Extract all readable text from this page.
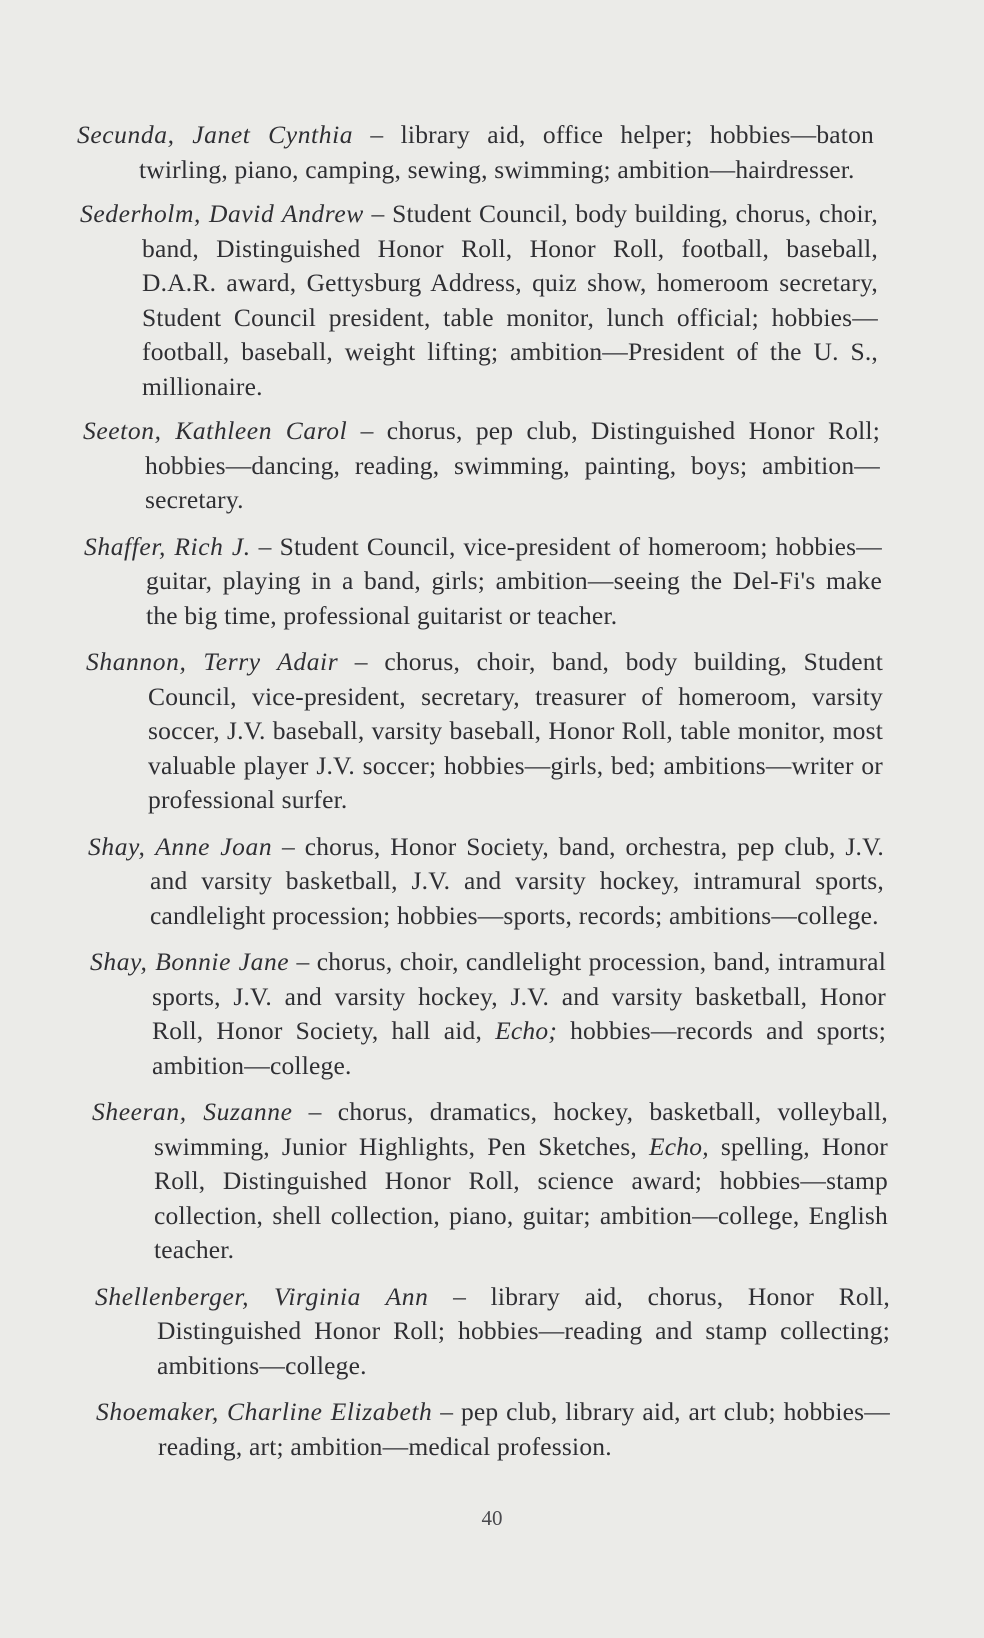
Secunda, Janet Cynthia – library aid, office helper; hobbies—baton twirling, piano, camping, sewing, swimming; ambition—hairdresser.

Sederholm, David Andrew – Student Council, body building, chorus, choir, band, Distinguished Honor Roll, Honor Roll, football, baseball, D.A.R. award, Gettysburg Address, quiz show, homeroom secretary, Student Council president, table monitor, lunch official; hobbies—football, baseball, weight lifting; ambition—President of the U. S., millionaire.

Seeton, Kathleen Carol – chorus, pep club, Distinguished Honor Roll; hobbies—dancing, reading, swimming, painting, boys; ambition—secretary.

Shaffer, Rich J. – Student Council, vice-president of homeroom; hobbies—guitar, playing in a band, girls; ambition—seeing the Del-Fi's make the big time, professional guitarist or teacher.

Shannon, Terry Adair – chorus, choir, band, body building, Student Council, vice-president, secretary, treasurer of homeroom, varsity soccer, J.V. baseball, varsity baseball, Honor Roll, table monitor, most valuable player J.V. soccer; hobbies—girls, bed; ambitions—writer or professional surfer.

Shay, Anne Joan – chorus, Honor Society, band, orchestra, pep club, J.V. and varsity basketball, J.V. and varsity hockey, intramural sports, candlelight procession; hobbies—sports, records; ambitions—college.

Shay, Bonnie Jane – chorus, choir, candlelight procession, band, intramural sports, J.V. and varsity hockey, J.V. and varsity basketball, Honor Roll, Honor Society, hall aid, Echo; hobbies—records and sports; ambition—college.

Sheeran, Suzanne – chorus, dramatics, hockey, basketball, volleyball, swimming, Junior Highlights, Pen Sketches, Echo, spelling, Honor Roll, Distinguished Honor Roll, science award; hobbies—stamp collection, shell collection, piano, guitar; ambition—college, English teacher.

Shellenberger, Virginia Ann – library aid, chorus, Honor Roll, Distinguished Honor Roll; hobbies—reading and stamp collecting; ambitions—college.

Shoemaker, Charline Elizabeth – pep club, library aid, art club; hobbies—reading, art; ambition—medical profession.

40
